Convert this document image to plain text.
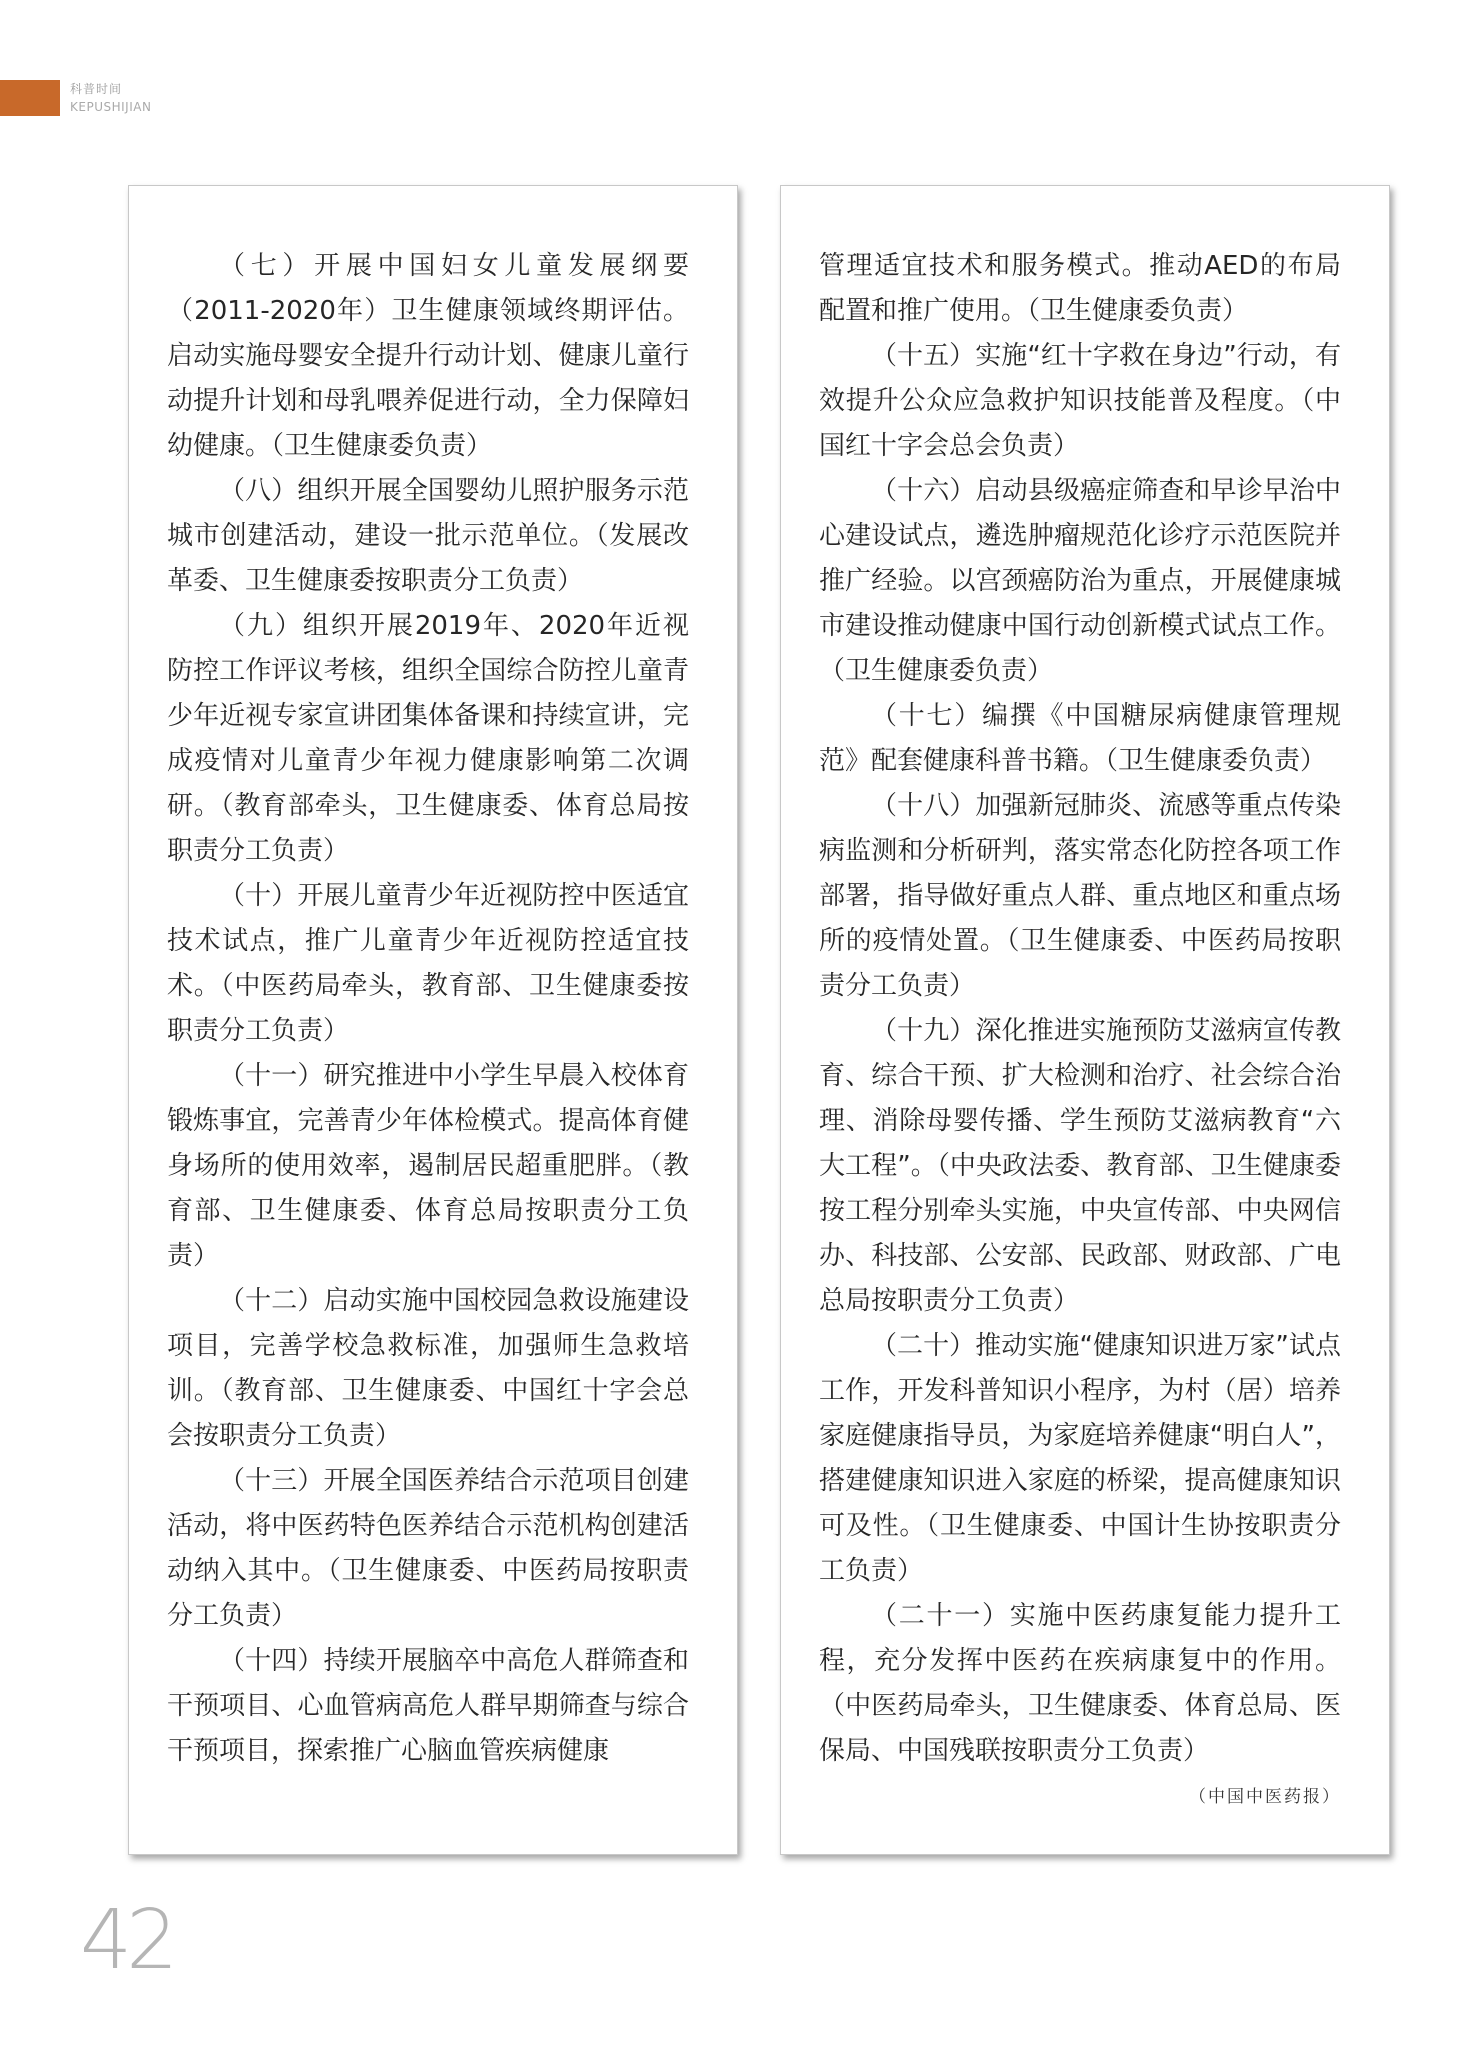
科普时间
KEPUSHIJIAN

（七）开展中国妇女儿童发展纲要（2011-2020年）卫生健康领域终期评估。启动实施母婴安全提升行动计划、健康儿童行动提升计划和母乳喂养促进行动，全力保障妇幼健康。（卫生健康委负责）

（八）组织开展全国婴幼儿照护服务示范城市创建活动，建设一批示范单位。（发展改革委、卫生健康委按职责分工负责）

（九）组织开展2019年、2020年近视防控工作评议考核，组织全国综合防控儿童青少年近视专家宣讲团集体备课和持续宣讲，完成疫情对儿童青少年视力健康影响第二次调研。（教育部牵头，卫生健康委、体育总局按职责分工负责）

（十）开展儿童青少年近视防控中医适宜技术试点，推广儿童青少年近视防控适宜技术。（中医药局牵头，教育部、卫生健康委按职责分工负责）

（十一）研究推进中小学生早晨入校体育锻炼事宜，完善青少年体检模式。提高体育健身场所的使用效率，遏制居民超重肥胖。（教育部、卫生健康委、体育总局按职责分工负责）

（十二）启动实施中国校园急救设施建设项目，完善学校急救标准，加强师生急救培训。（教育部、卫生健康委、中国红十字会总会按职责分工负责）

（十三）开展全国医养结合示范项目创建活动，将中医药特色医养结合示范机构创建活动纳入其中。（卫生健康委、中医药局按职责分工负责）

（十四）持续开展脑卒中高危人群筛查和干预项目、心血管病高危人群早期筛查与综合干预项目，探索推广心脑血管疾病健康

管理适宜技术和服务模式。推动AED的布局配置和推广使用。（卫生健康委负责）

（十五）实施“红十字救在身边”行动，有效提升公众应急救护知识技能普及程度。（中国红十字会总会负责）

（十六）启动县级癌症筛查和早诊早治中心建设试点，遴选肿瘤规范化诊疗示范医院并推广经验。以宫颈癌防治为重点，开展健康城市建设推动健康中国行动创新模式试点工作。（卫生健康委负责）

（十七）编撰《中国糖尿病健康管理规范》配套健康科普书籍。（卫生健康委负责）

（十八）加强新冠肺炎、流感等重点传染病监测和分析研判，落实常态化防控各项工作部署，指导做好重点人群、重点地区和重点场所的疫情处置。（卫生健康委、中医药局按职责分工负责）

（十九）深化推进实施预防艾滋病宣传教育、综合干预、扩大检测和治疗、社会综合治理、消除母婴传播、学生预防艾滋病教育“六大工程”。（中央政法委、教育部、卫生健康委按工程分别牵头实施，中央宣传部、中央网信办、科技部、公安部、民政部、财政部、广电总局按职责分工负责）

（二十）推动实施“健康知识进万家”试点工作，开发科普知识小程序，为村（居）培养家庭健康指导员，为家庭培养健康“明白人”，搭建健康知识进入家庭的桥梁，提高健康知识可及性。（卫生健康委、中国计生协按职责分工负责）

（二十一）实施中医药康复能力提升工程，充分发挥中医药在疾病康复中的作用。（中医药局牵头，卫生健康委、体育总局、医保局、中国残联按职责分工负责）

（中国中医药报）
42
